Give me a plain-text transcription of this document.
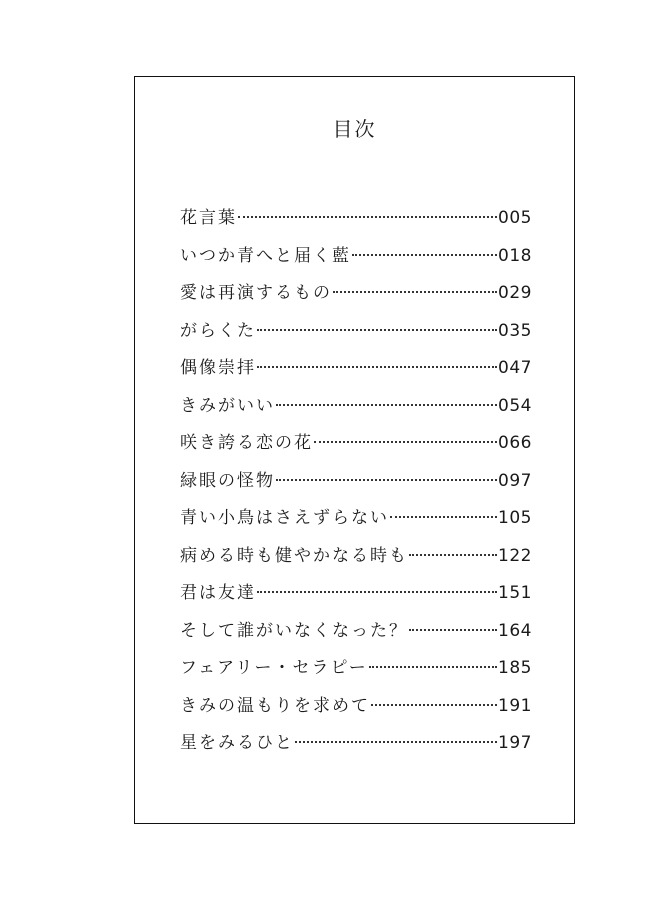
目次
花言葉	005
いつか青へと届く藍	018
愛は再演するもの	029
がらくた	035
偶像崇拝	047
きみがいい	054
咲き誇る恋の花	066
緑眼の怪物	097
青い小鳥はさえずらない	105
病める時も健やかなる時も	122
君は友達	151
そして誰がいなくなった？	164
フェアリー・セラピー	185
きみの温もりを求めて	191
星をみるひと	197
